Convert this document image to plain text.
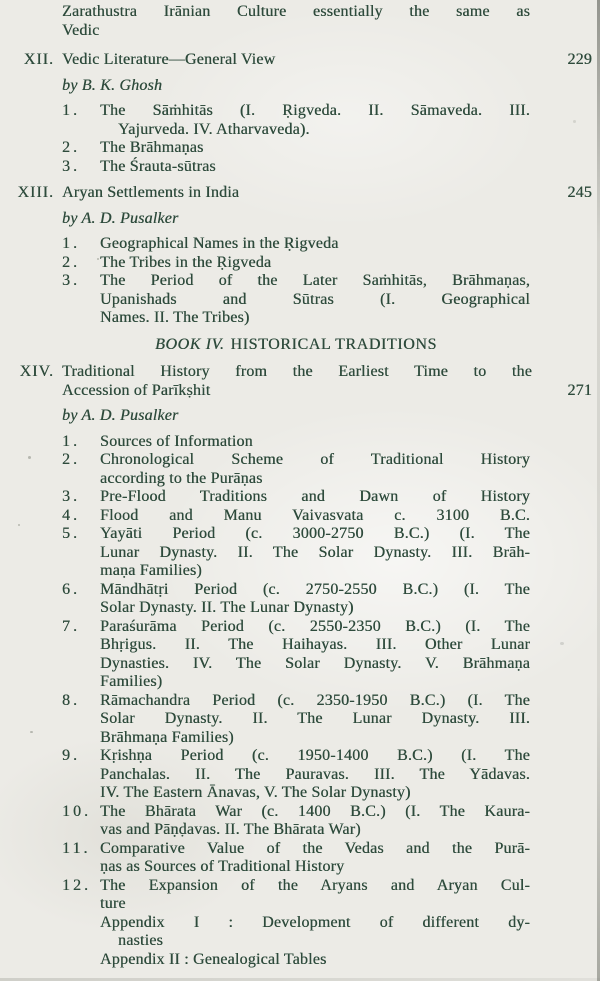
Zarathustra Irānian Culture essentially the same as
Vedic
XII. Vedic Literature—General View	229
by B. K. Ghosh
1.	The Sāṁhitās (I. Ṛigveda. II. Sāmaveda. III.
Yajurveda. IV. Atharvaveda).
2.	The Brāhmaṇas
3.	The Śrauta-sūtras
XIII. Aryan Settlements in India	245
by A. D. Pusalker
1.	Geographical Names in the Ṛigveda
2.	The Tribes in the Ṛigveda
3.	The Period of the Later Saṁhitās, Brāhmaṇas,
Upanishads and Sūtras (I. Geographical
Names. II. The Tribes)
BOOK IV. HISTORICAL TRADITIONS
XIV. Traditional History from the Earliest Time to the
Accession of Parīkṣhit	271
by A. D. Pusalker
1.	Sources of Information
2.	Chronological Scheme of Traditional History
according to the Purāṇas
3.	Pre-Flood Traditions and Dawn of History
4.	Flood and Manu Vaivasvata c. 3100 B.C.
5.	Yayāti Period (c. 3000-2750 B.C.) (I. The
Lunar Dynasty. II. The Solar Dynasty. III. Brāh-
maṇa Families)
6.	Māndhātṛi Period (c. 2750-2550 B.C.) (I. The
Solar Dynasty. II. The Lunar Dynasty)
7.	Paraśurāma Period (c. 2550-2350 B.C.) (I. The
Bhṛigus. II. The Haihayas. III. Other Lunar
Dynasties. IV. The Solar Dynasty. V. Brāhmaṇa
Families)
8.	Rāmachandra Period (c. 2350-1950 B.C.) (I. The
Solar Dynasty. II. The Lunar Dynasty. III.
Brāhmaṇa Families)
9.	Kṛishṇa Period (c. 1950-1400 B.C.) (I. The
Panchalas. II. The Pauravas. III. The Yādavas.
IV. The Eastern Ānavas, V. The Solar Dynasty)
10. The Bhārata War (c. 1400 B.C.) (I. The Kaura-
vas and Pāṇḍavas. II. The Bhārata War)
11. Comparative Value of the Vedas and the Purā-
ṇas as Sources of Traditional History
12. The Expansion of the Aryans and Aryan Cul-
ture
Appendix I : Development of different dy-
nasties
Appendix II : Genealogical Tables
